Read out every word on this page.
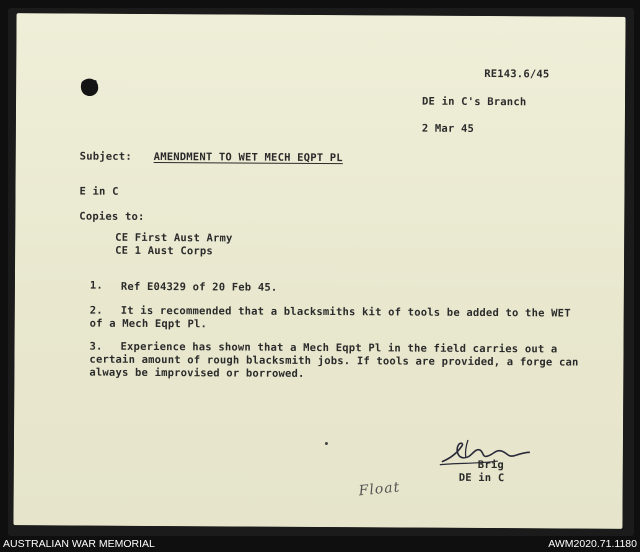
RE143.6/45
DE in C's Branch
2 Mar 45
Subject: AMENDMENT TO WET MECH EQPT PL
E in C
Copies to:
CE First Aust Army
CE 1 Aust Corps
1. Ref E04329 of 20 Feb 45.
2.	It is recommended that a blacksmiths kit of tools be added to the WET of a Mech Eqpt Pl.
3.	Experience has shown that a Mech Eqpt Pl in the field carries out a certain amount of rough blacksmith jobs. If tools are provided, a forge can always be improvised or borrowed.
Brig
DE in C
Float
AUSTRALIAN WAR MEMORIAL	AWM2020.71.1180
